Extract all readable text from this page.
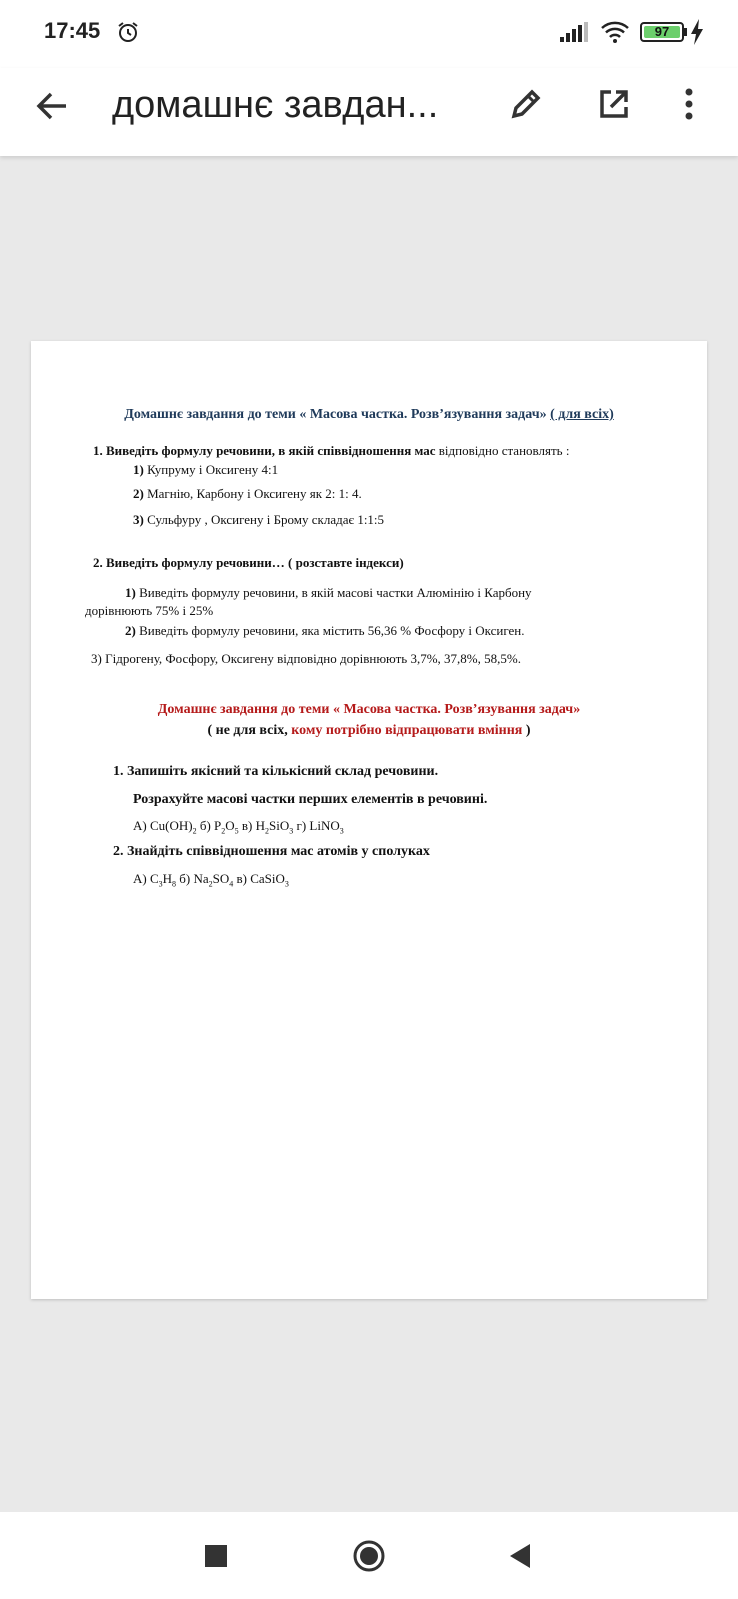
17:45	97
домашнє завдан...
Домашнє завдання до теми « Масова частка. Розв’язування задач» ( для всіх)
1. Виведіть формулу речовини, в якій співвідношення мас відповідно становлять :
1) Купруму і Оксигену 4:1
2) Магнію, Карбону і Оксигену як 2: 1: 4.
3) Сульфуру , Оксигену і Брому складає 1:1:5
2. Виведіть формулу речовини… ( розставте індекси)
1) Виведіть формулу речовини, в якій масові частки Алюмінію і Карбону
дорівнюють 75% і 25%
2) Виведіть формулу речовини, яка містить 56,36 % Фосфору і Оксиген.
3) Гідрогену, Фосфору, Оксигену відповідно дорівнюють 3,7%, 37,8%, 58,5%.
Домашнє завдання до теми « Масова частка. Розв’язування задач»
( не для всіх, кому потрібно відпрацювати вміння )
1. Запишіть якісний та кількісний склад речовини.
Розрахуйте масові частки перших елементів в речовині.
А) $Cu(OH)_2$ б) $P_2O_5$ в) $H_2SiO_3$ г) LiNO$_3$
2. Знайдіть співвідношення мас атомів у сполуках
А) $C_3H_8$ б) $Na_2SO_4$ в) CaSiO$_3$
